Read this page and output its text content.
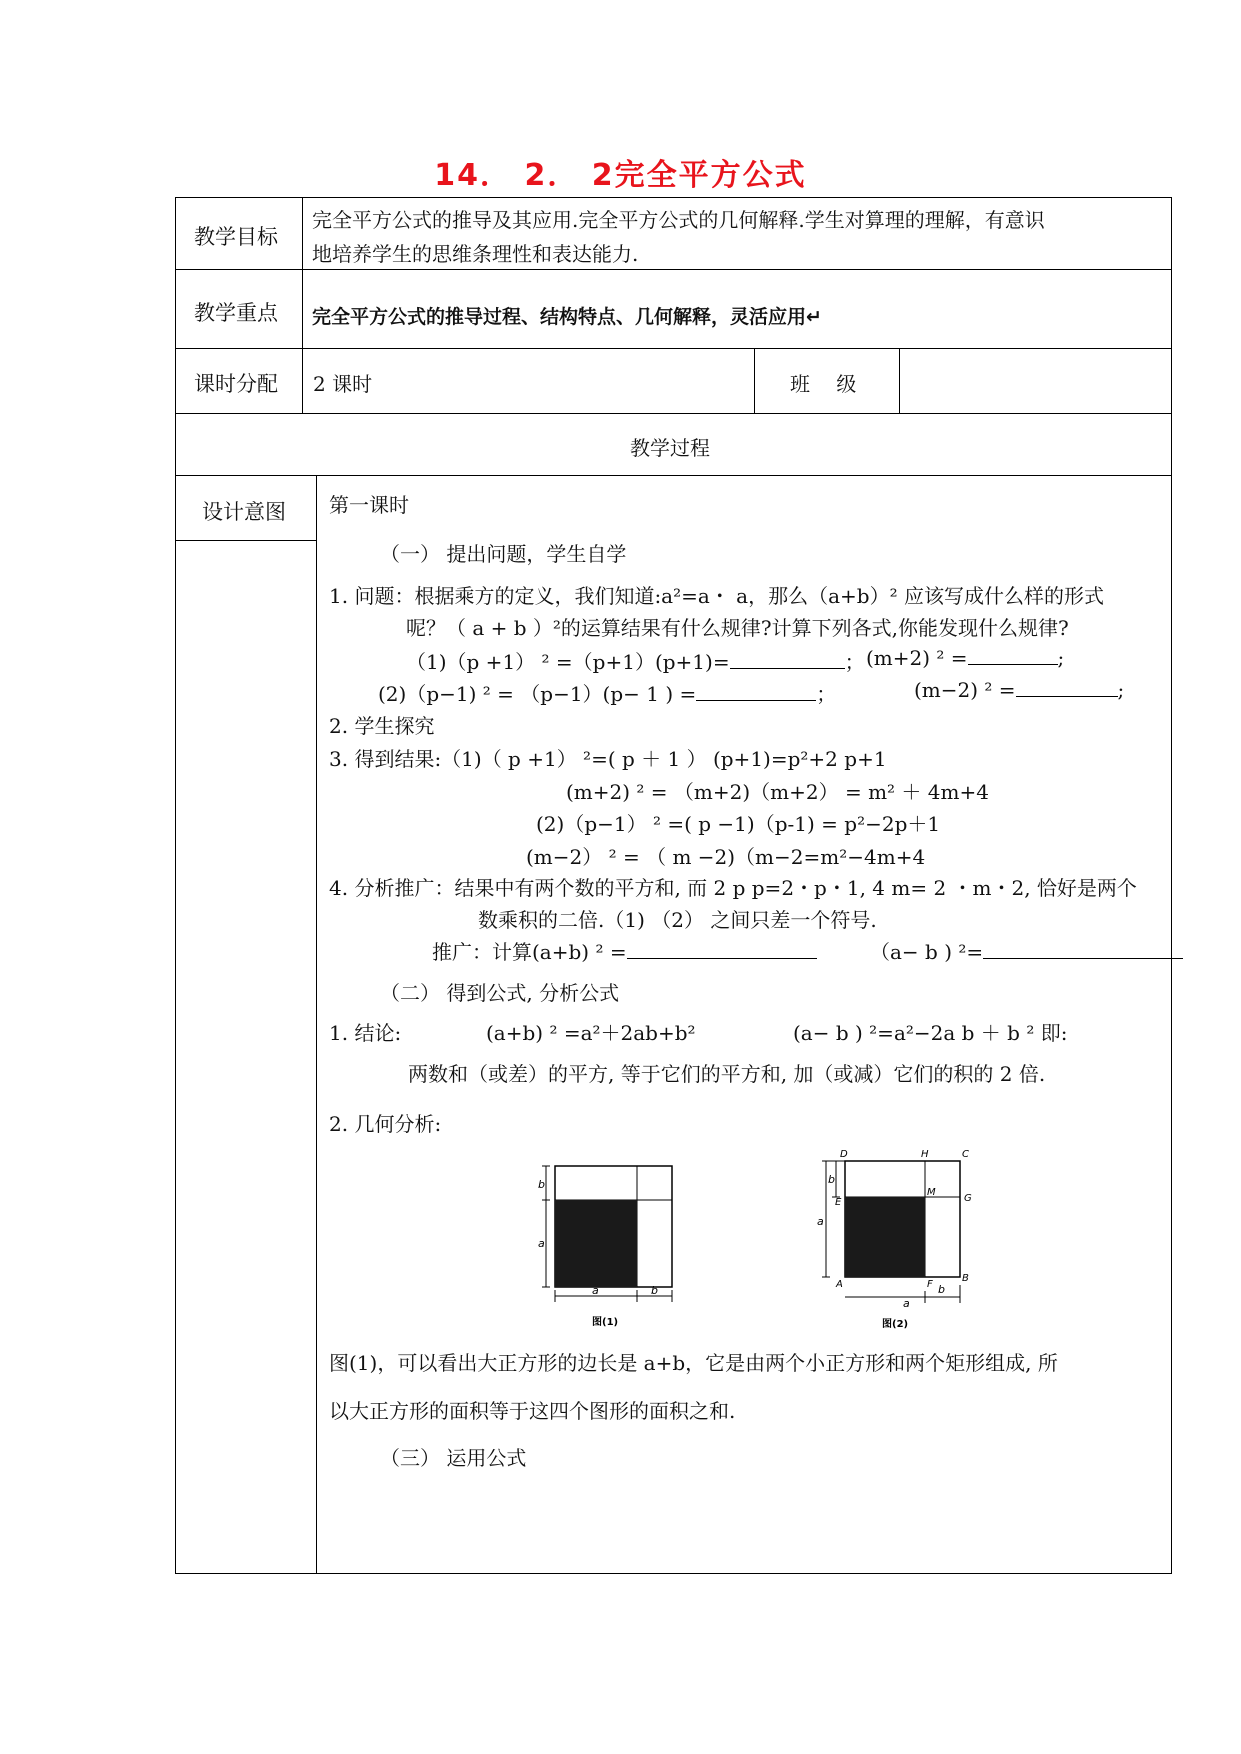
14． 2． 2完全平方公式
教学目标
完全平方公式的推导及其应用.完全平方公式的几何解释.学生对算理的理解，有意识
地培养学生的思维条理性和表达能力.
教学重点 完全平方公式的推导过程、结构特点、几何解释，灵活应用↵
课时分配 2 课时	班　 级
教学过程
设计意图 第一课时
（一） 提出问题，学生自学
1. 问题：根据乘方的定义，我们知道:a²=a・ a，那么（a+b）² 应该写成什么样的形式
呢？（ a + b ）²的运算结果有什么规律?计算下列各式,你能发现什么规律?
（1)（p +1） ² =（p+1）(p+1)=	； (m+2) ² =	;
(2)（p−1) ² = （p−1）(p− 1 ) =	；	(m−2) ² =	;
2. 学生探究
3. 得到结果:（1)（ p +1） ²=( p ＋ 1 ） (p+1)=p²+2 p+1
(m+2) ² = （m+2)（m+2） = m² ＋ 4m+4
(2)（p−1） ² =( p −1)（p-1) = p²−2p＋1
(m−2） ² = （ m −2)（m−2=m²−4m+4
4. 分析推广：结果中有两个数的平方和, 而 2 p p=2・p・1, 4 m= 2 ・m・2, 恰好是两个
数乘积的二倍.（1) （2） 之间只差一个符号.
推广：计算(a+b) ² =	（a− b ) ²=
（二） 得到公式, 分析公式
1. 结论:	(a+b) ² =a²＋2ab+b²	(a− b ) ²=a²−2a b ＋ b ² 即:
两数和（或差）的平方, 等于它们的平方和, 加（或减）它们的积的 2 倍.
2. 几何分析:
b
a
a	b
图(1)
b
a
D	H	C
M
G
E
A	F
B
a
b
图(2)
图(1)，可以看出大正方形的边长是 a+b，它是由两个小正方形和两个矩形组成, 所
以大正方形的面积等于这四个图形的面积之和.
（三） 运用公式
